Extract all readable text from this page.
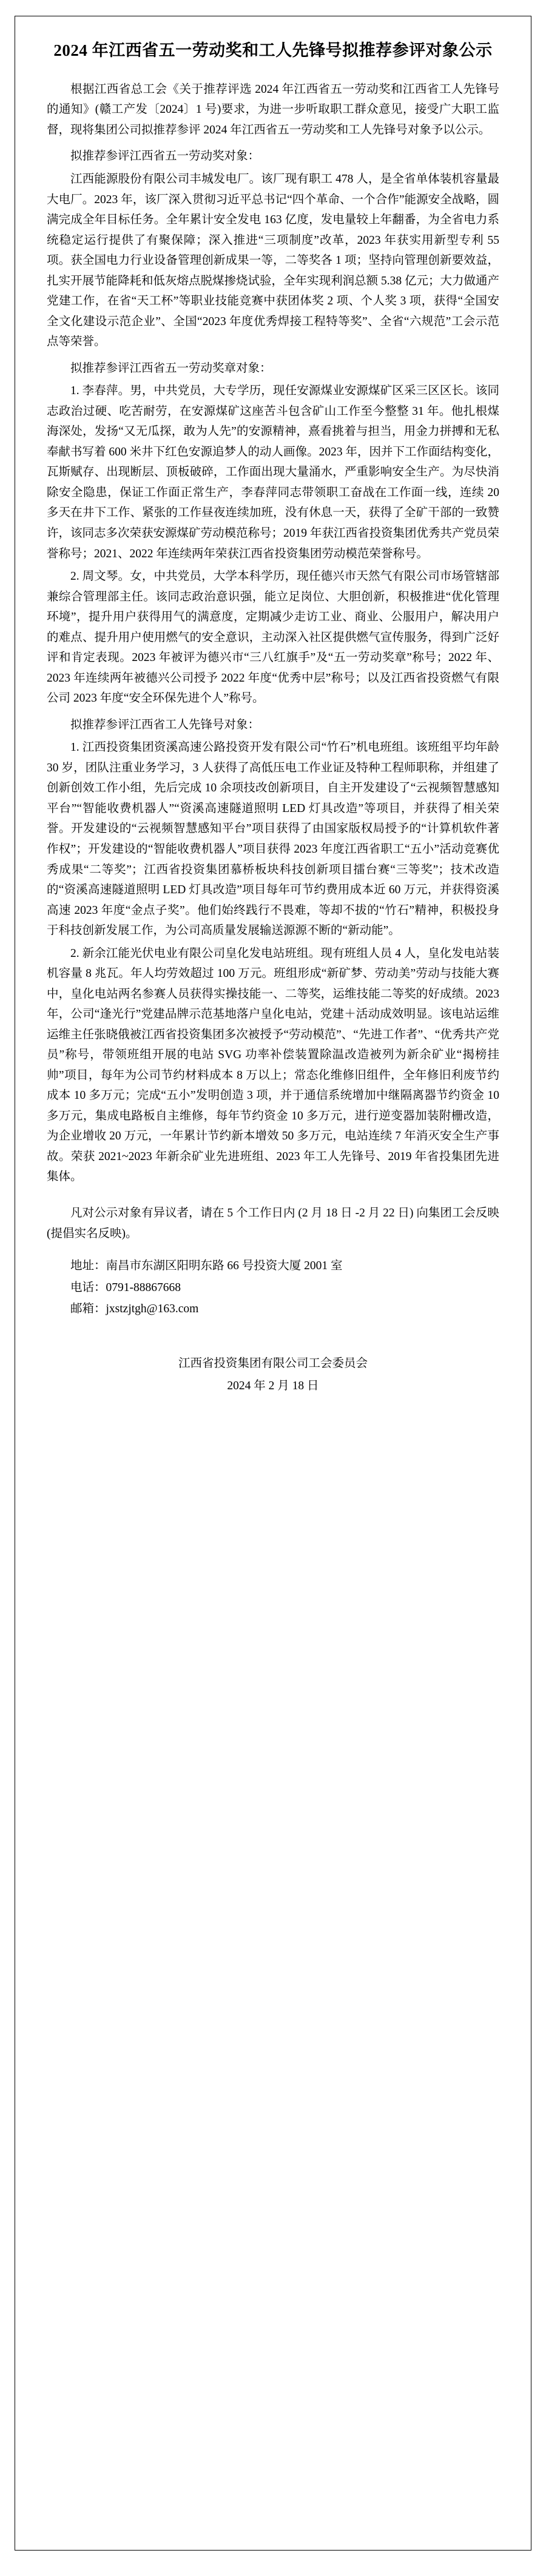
2024 年江西省五一劳动奖和工人先锋号拟推荐参评对象公示

根据江西省总工会《关于推荐评选 2024 年江西省五一劳动奖和江西省工人先锋号的通知》(赣工产发〔2024〕1 号)要求，为进一步听取职工群众意见，接受广大职工监督，现将集团公司拟推荐参评 2024 年江西省五一劳动奖和工人先锋号对象予以公示。

拟推荐参评江西省五一劳动奖对象：

江西能源股份有限公司丰城发电厂。该厂现有职工 478 人，是全省单体装机容量最大电厂。2023 年，该厂深入贯彻习近平总书记“四个革命、一个合作”能源安全战略，圆满完成全年目标任务。全年累计安全发电 163 亿度，发电量较上年翻番，为全省电力系统稳定运行提供了有聚保障；深入推进“三项制度”改革，2023 年获实用新型专利 55 项。获全国电力行业设备管理创新成果一等，二等奖各 1 项；坚持向管理创新要效益，扎实开展节能降耗和低灰熔点脱煤掺烧试验，全年实现利润总额 5.38 亿元；大力做通产党建工作，在省“天工杯”等职业技能竞赛中获团体奖 2 项、个人奖 3 项，获得“全国安全文化建设示范企业”、全国“2023 年度优秀焊接工程特等奖”、全省“六规范”工会示范点等荣誉。

拟推荐参评江西省五一劳动奖章对象：

1. 李春萍。男，中共党员，大专学历，现任安源煤业安源煤矿区采三区区长。该同志政治过硬、吃苦耐劳，在安源煤矿这座苦斗包含矿山工作至今整整 31 年。他扎根煤海深处，发扬“又无瓜探，敢为人先”的安源精神，熹看挑着与担当，用金力拼搏和无私奉献书写着 600 米井下红色安源追梦人的动人画像。2023 年，因并下工作面结构变化，瓦斯赋存、出现断层、顶板破碎，工作面出现大量涌水，严重影响安全生产。为尽快消除安全隐患，保证工作面正常生产，李春萍同志带领职工奋战在工作面一线，连续 20 多天在井下工作、紧张的工作昼夜连续加班，没有休息一天，获得了全矿干部的一致赞许，该同志多次荣获安源煤矿劳动模范称号；2019 年获江西省投资集团优秀共产党员荣誉称号；2021、2022 年连续两年荣获江西省投资集团劳动模范荣誉称号。

2. 周文琴。女，中共党员，大学本科学历，现任德兴市天然气有限公司市场管辖部兼综合管理部主任。该同志政治意识强，能立足岗位、大胆创新，积极推进“优化管理环境”，提升用户获得用气的满意度，定期减少走访工业、商业、公服用户，解决用户的难点、提升用户使用燃气的安全意识，主动深入社区提供燃气宣传服务，得到广泛好评和肯定表现。2023 年被评为德兴市“三八红旗手”及“五一劳动奖章”称号；2022 年、2023 年连续两年被德兴公司授予 2022 年度“优秀中层”称号；以及江西省投资燃气有限公司 2023 年度“安全环保先进个人”称号。

拟推荐参评江西省工人先锋号对象：

1. 江西投资集团资溪高速公路投资开发有限公司“竹石”机电班组。该班组平均年龄 30 岁，团队注重业务学习，3 人获得了高低压电工作业证及特种工程师职称，并组建了创新创效工作小组，先后完成 10 余项技改创新项目，自主开发建设了“云视频智慧感知平台”“智能收费机器人”“资溪高速隧道照明 LED 灯具改造”等项目，并获得了相关荣誉。开发建设的“云视频智慧感知平台”项目获得了由国家版权局授予的“计算机软件著作权”；开发建设的“智能收费机器人”项目获得 2023 年度江西省职工“五小”活动竞赛优秀成果“二等奖”；江西省投资集团慕桥板块科技创新项目擂台赛“三等奖”；技术改造的“资溪高速隧道照明 LED 灯具改造”项目每年可节约费用成本近 60 万元，并获得资溪高速 2023 年度“金点子奖”。他们始终践行不畏难，等却不拔的“竹石”精神，积极投身于科技创新发展工作，为公司高质量发展输送源源不断的“新动能”。

2. 新余江能光伏电业有限公司皇化发电站班组。现有班组人员 4 人，皇化发电站装机容量 8 兆瓦。年人均劳效超过 100 万元。班组形成“新矿梦、劳动美”劳动与技能大赛中，皇化电站两名参赛人员获得实操技能一、二等奖，运维技能二等奖的好成绩。2023 年，公司“逢光行”党建品牌示范基地落户皇化电站，党建＋活动成效明显。该电站运维运维主任张晓俄被江西省投资集团多次被授予“劳动模范”、“先进工作者”、“优秀共产党员”称号，带领班组开展的电站 SVG 功率补偿装置除温改造被列为新余矿业“揭榜挂帅”项目，每年为公司节约材料成本 8 万以上；常态化维修旧组件，全年修旧利废节约成本 10 多万元；完成“五小”发明创造 3 项，并于通信系统增加中继隔离器节约资金 10 多万元，集成电路板自主维修，每年节约资金 10 多万元，进行逆变器加装附栅改造，为企业增收 20 万元，一年累计节约新本增效 50 多万元，电站连续 7 年消灭安全生产事故。荣获 2021~2023 年新余矿业先进班组、2023 年工人先锋号、2019 年省投集团先进集体。

凡对公示对象有异议者，请在 5 个工作日内 (2 月 18 日 -2 月 22 日) 向集团工会反映 (提倡实名反映)。

地址：南昌市东湖区阳明东路 66 号投资大厦 2001 室

电话：0791-88867668

邮箱：jxstzjtgh@163.com

江西省投资集团有限公司工会委员会

2024 年 2 月 18 日
